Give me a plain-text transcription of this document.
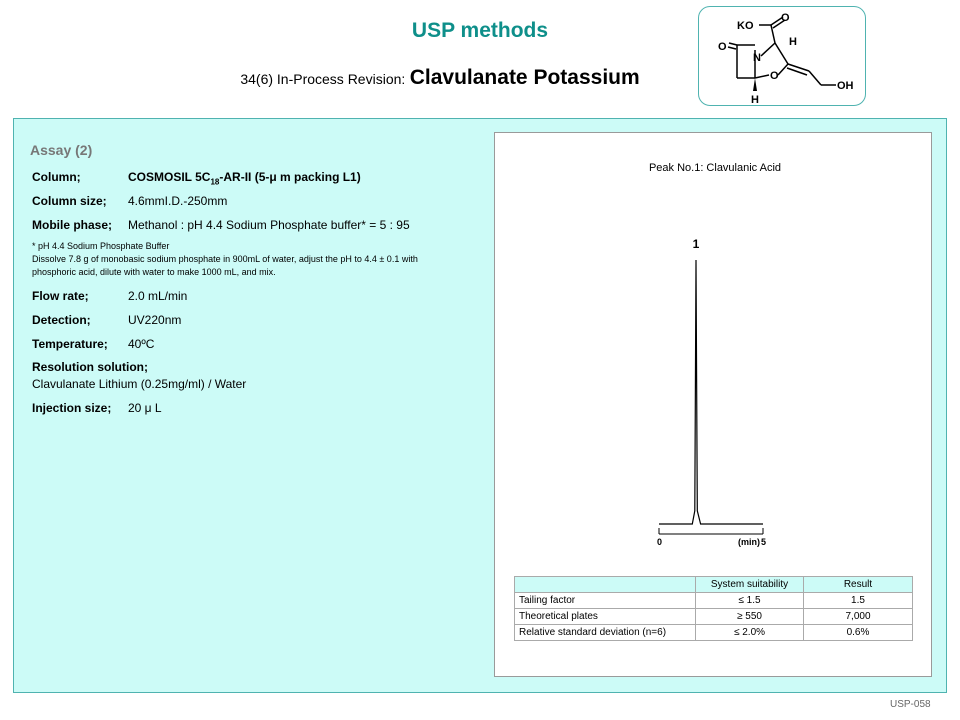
USP methods
34(6) In-Process Revision: Clavulanate Potassium
O
N
O
KO
O
H
H
OH
Assay (2)
Column;	COSMOSIL $5C_{18}-AR-II$ (5-μ m packing L1)
Column size; 4.6mmI.D.-250mm
Mobile phase; Methanol : pH 4.4 Sodium Phosphate buffer* = 5 : 95
* pH 4.4 Sodium Phosphate Buffer
Dissolve 7.8 g of monobasic sodium phosphate in 900mL of water, adjust the pH to 4.4 ± 0.1 with phosphoric acid, dilute with water to make 1000 mL, and mix.
Flow rate;	2.0 mL/min
Detection;	UV220nm
Temperature; 40ºC
Resolution solution;
Clavulanate Lithium (0.25mg/ml) / Water
Injection size; 20 μ L
Peak No.1: Clavulanic Acid
1
0	(min) 5
	System suitability	Result
Tailing factor	≤ 1.5	1.5
Theoretical plates	≥ 550	7,000
Relative standard deviation (n=6)	≤ 2.0%	0.6%
USP-058
